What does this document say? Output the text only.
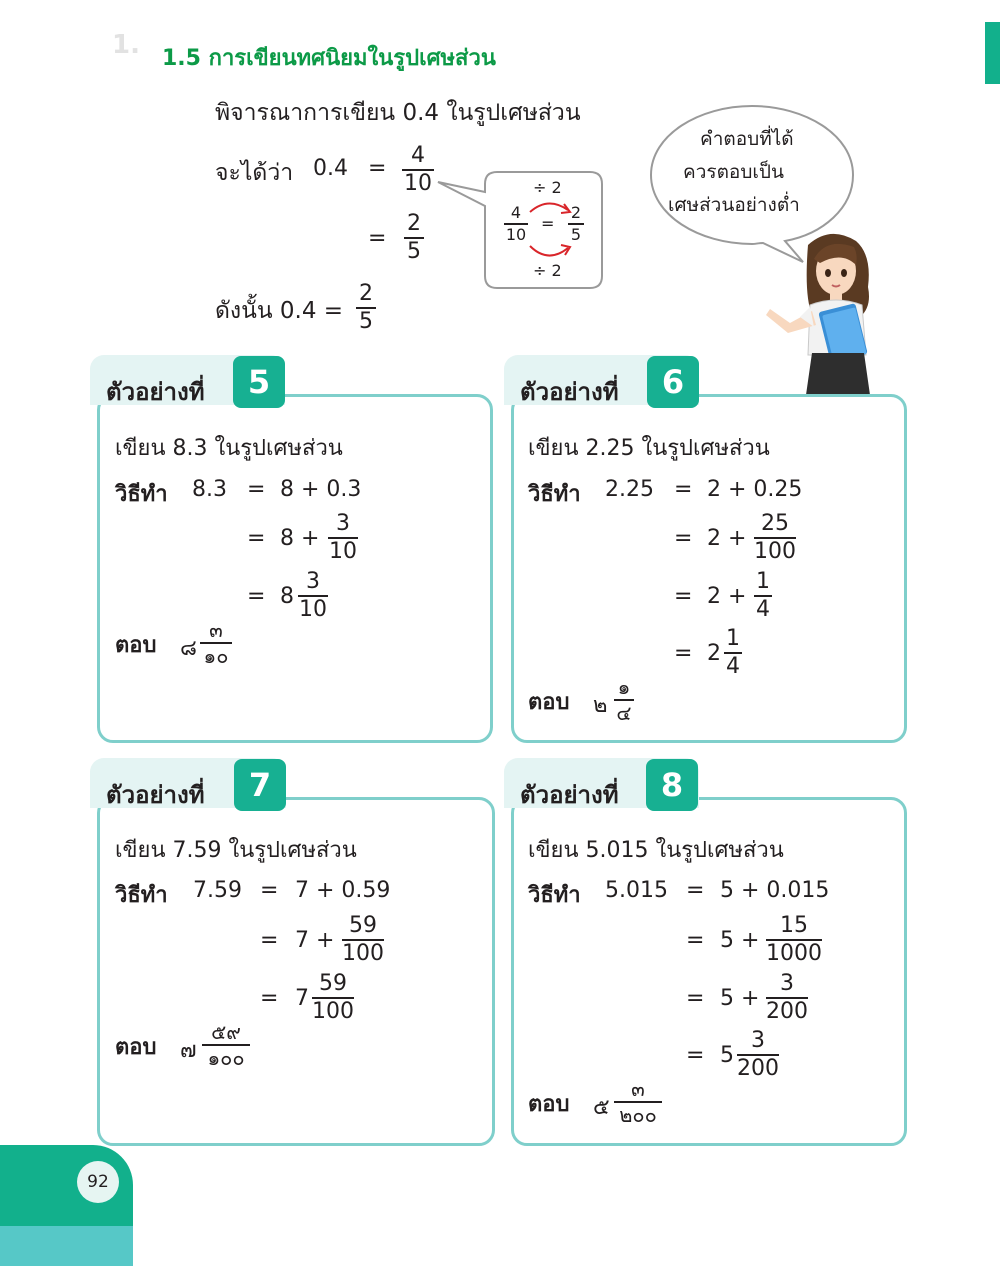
1. 1.5 การเขียนทศนิยมในรูปเศษส่วน
พิจารณาการเขียน 0.4 ในรูปเศษส่วน
จะได้ว่า 0.4 =
4
10
=
2
5
ดังนั้น 0.4 =
2
5
÷ 2
4
10
=
2
5
÷ 2
คำตอบที่ได้
ควรตอบเป็น
เศษส่วนอย่างต่ำ
ตัวอย่างที่	5
เขียน 8.3 ในรูปเศษส่วน
วิธีทำ 8.3 = 8 + 0.3
= 8 +
3
10
= 8
3
10
ตอบ ๘
๓
๑๐
ตัวอย่างที่	6
เขียน 2.25 ในรูปเศษส่วน
วิธีทำ 2.25 = 2 + 0.25
= 2 +
25
100
= 2 +
1
4
= 2
1
4
ตอบ ๒
๑
๔
ตัวอย่างที่	7
เขียน 7.59 ในรูปเศษส่วน
วิธีทำ 7.59 = 7 + 0.59
= 7 +
59
100
= 7
59
100
ตอบ ๗
๕๙
๑๐๐
ตัวอย่างที่	8
เขียน 5.015 ในรูปเศษส่วน
วิธีทำ 5.015 = 5 + 0.015
= 5 +
15
1000
= 5 +
3
200
= 5
3
200
ตอบ ๕
๓
๒๐๐
92
